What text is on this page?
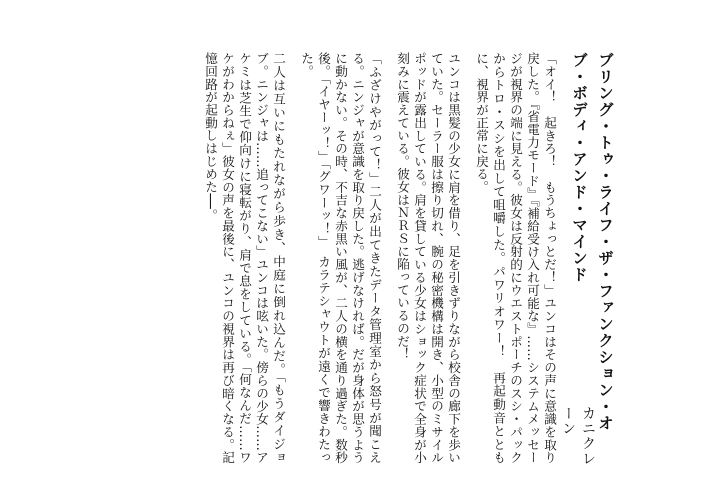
ブリング・トゥ・ライフ・ザ・ファンクション・オブ・ボディ・アンド・マインド
カニクレーン

「オイ！　起きろ！　もうちょっとだ！」ユンコはその声に意識を取り戻した。『省電力モード』『補給受け入れ可能な』……システムメッセージが視界の端に見える。彼女は反射的にウエストポーチのスシ・パックからトロ・スシを出して咀嚼した。パワリオワー！　再起動音とともに、視界が正常に戻る。

ユンコは黒髪の少女に肩を借り、足を引きずりながら校舎の廊下を歩いていた。セーラー服は擦り切れ、腕の秘密機構は開き、小型のミサイルポッドが露出している。肩を貸している少女はショック症状で全身が小刻みに震えている。彼女はＮＲＳに陥っているのだ！

「ふざけやがって！」二人が出てきたデータ管理室から怒号が聞こえる。ニンジャが意識を取り戻した。逃げなければ。だが身体が思うように動かない。その時、不吉な赤黒い風が、二人の横を通り過ぎた。数秒後。「イヤーッ！」「グワーッ！」　カラテシャウトが遠くで響きわたった。

二人は互いにもたれながら歩き、中庭に倒れ込んだ。「もうダイジョブ。ニンジャは……追ってこない」ユンコは呟いた。傍らの少女……アケミは芝生で仰向けに寝転がり、肩で息をしている。「何なんだ……ワケがわからねぇ」彼女の声を最後に、ユンコの視界は再び暗くなる。記憶回路が起動しはじめた──。
